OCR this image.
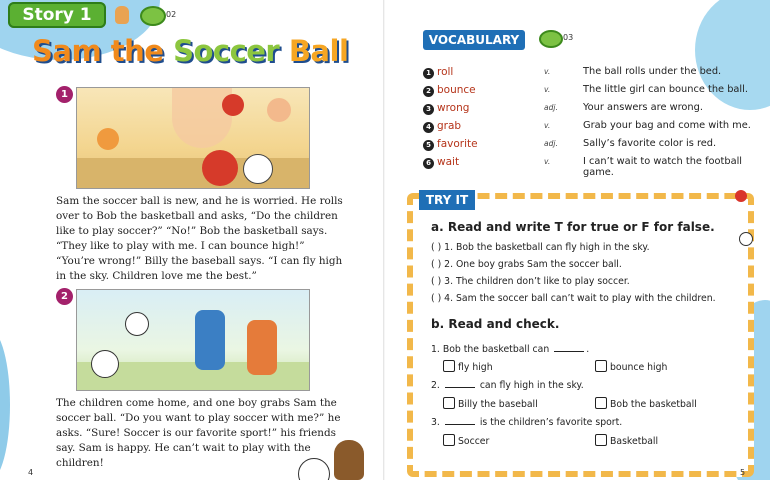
Story 1	02
Sam the Soccer Ball
1

Sam the soccer ball is new, and he is worried. He rolls over to Bob the basketball and asks, “Do the children like to play soccer?” “No!” Bob the basketball says. “They like to play with me. I can bounce high!” “You’re wrong!” Billy the baseball says. “I can fly high in the sky. Children love me the best.”

2

The children come home, and one boy grabs Sam the soccer ball. “Do you want to play soccer with me?” he asks. “Sure! Soccer is our favorite sport!” his friends say. Sam is happy. He can’t wait to play with the children!

4
VOCABULARY	03
1 roll	v.	The ball rolls under the bed.
2 bounce	v.	The little girl can bounce the ball.
3 wrong	adj.	Your answers are wrong.
4 grab	v.	Grab your bag and come with me.
5 favorite	adj.	Sally’s favorite color is red.
6 wait	v.	I can’t wait to watch the football game.
TRY IT
a. Read and write T for true or F for false.
( ) 1. Bob the basketball can fly high in the sky.
( ) 2. One boy grabs Sam the soccer ball.
( ) 3. The children don’t like to play soccer.
( ) 4. Sam the soccer ball can’t wait to play with the children.
b. Read and check.
1. Bob the basketball can	.
fly high	bounce high
2.	can fly high in the sky.
Billy the baseball	Bob the basketball
3.	is the children’s favorite sport.
Soccer	Basketball
5
